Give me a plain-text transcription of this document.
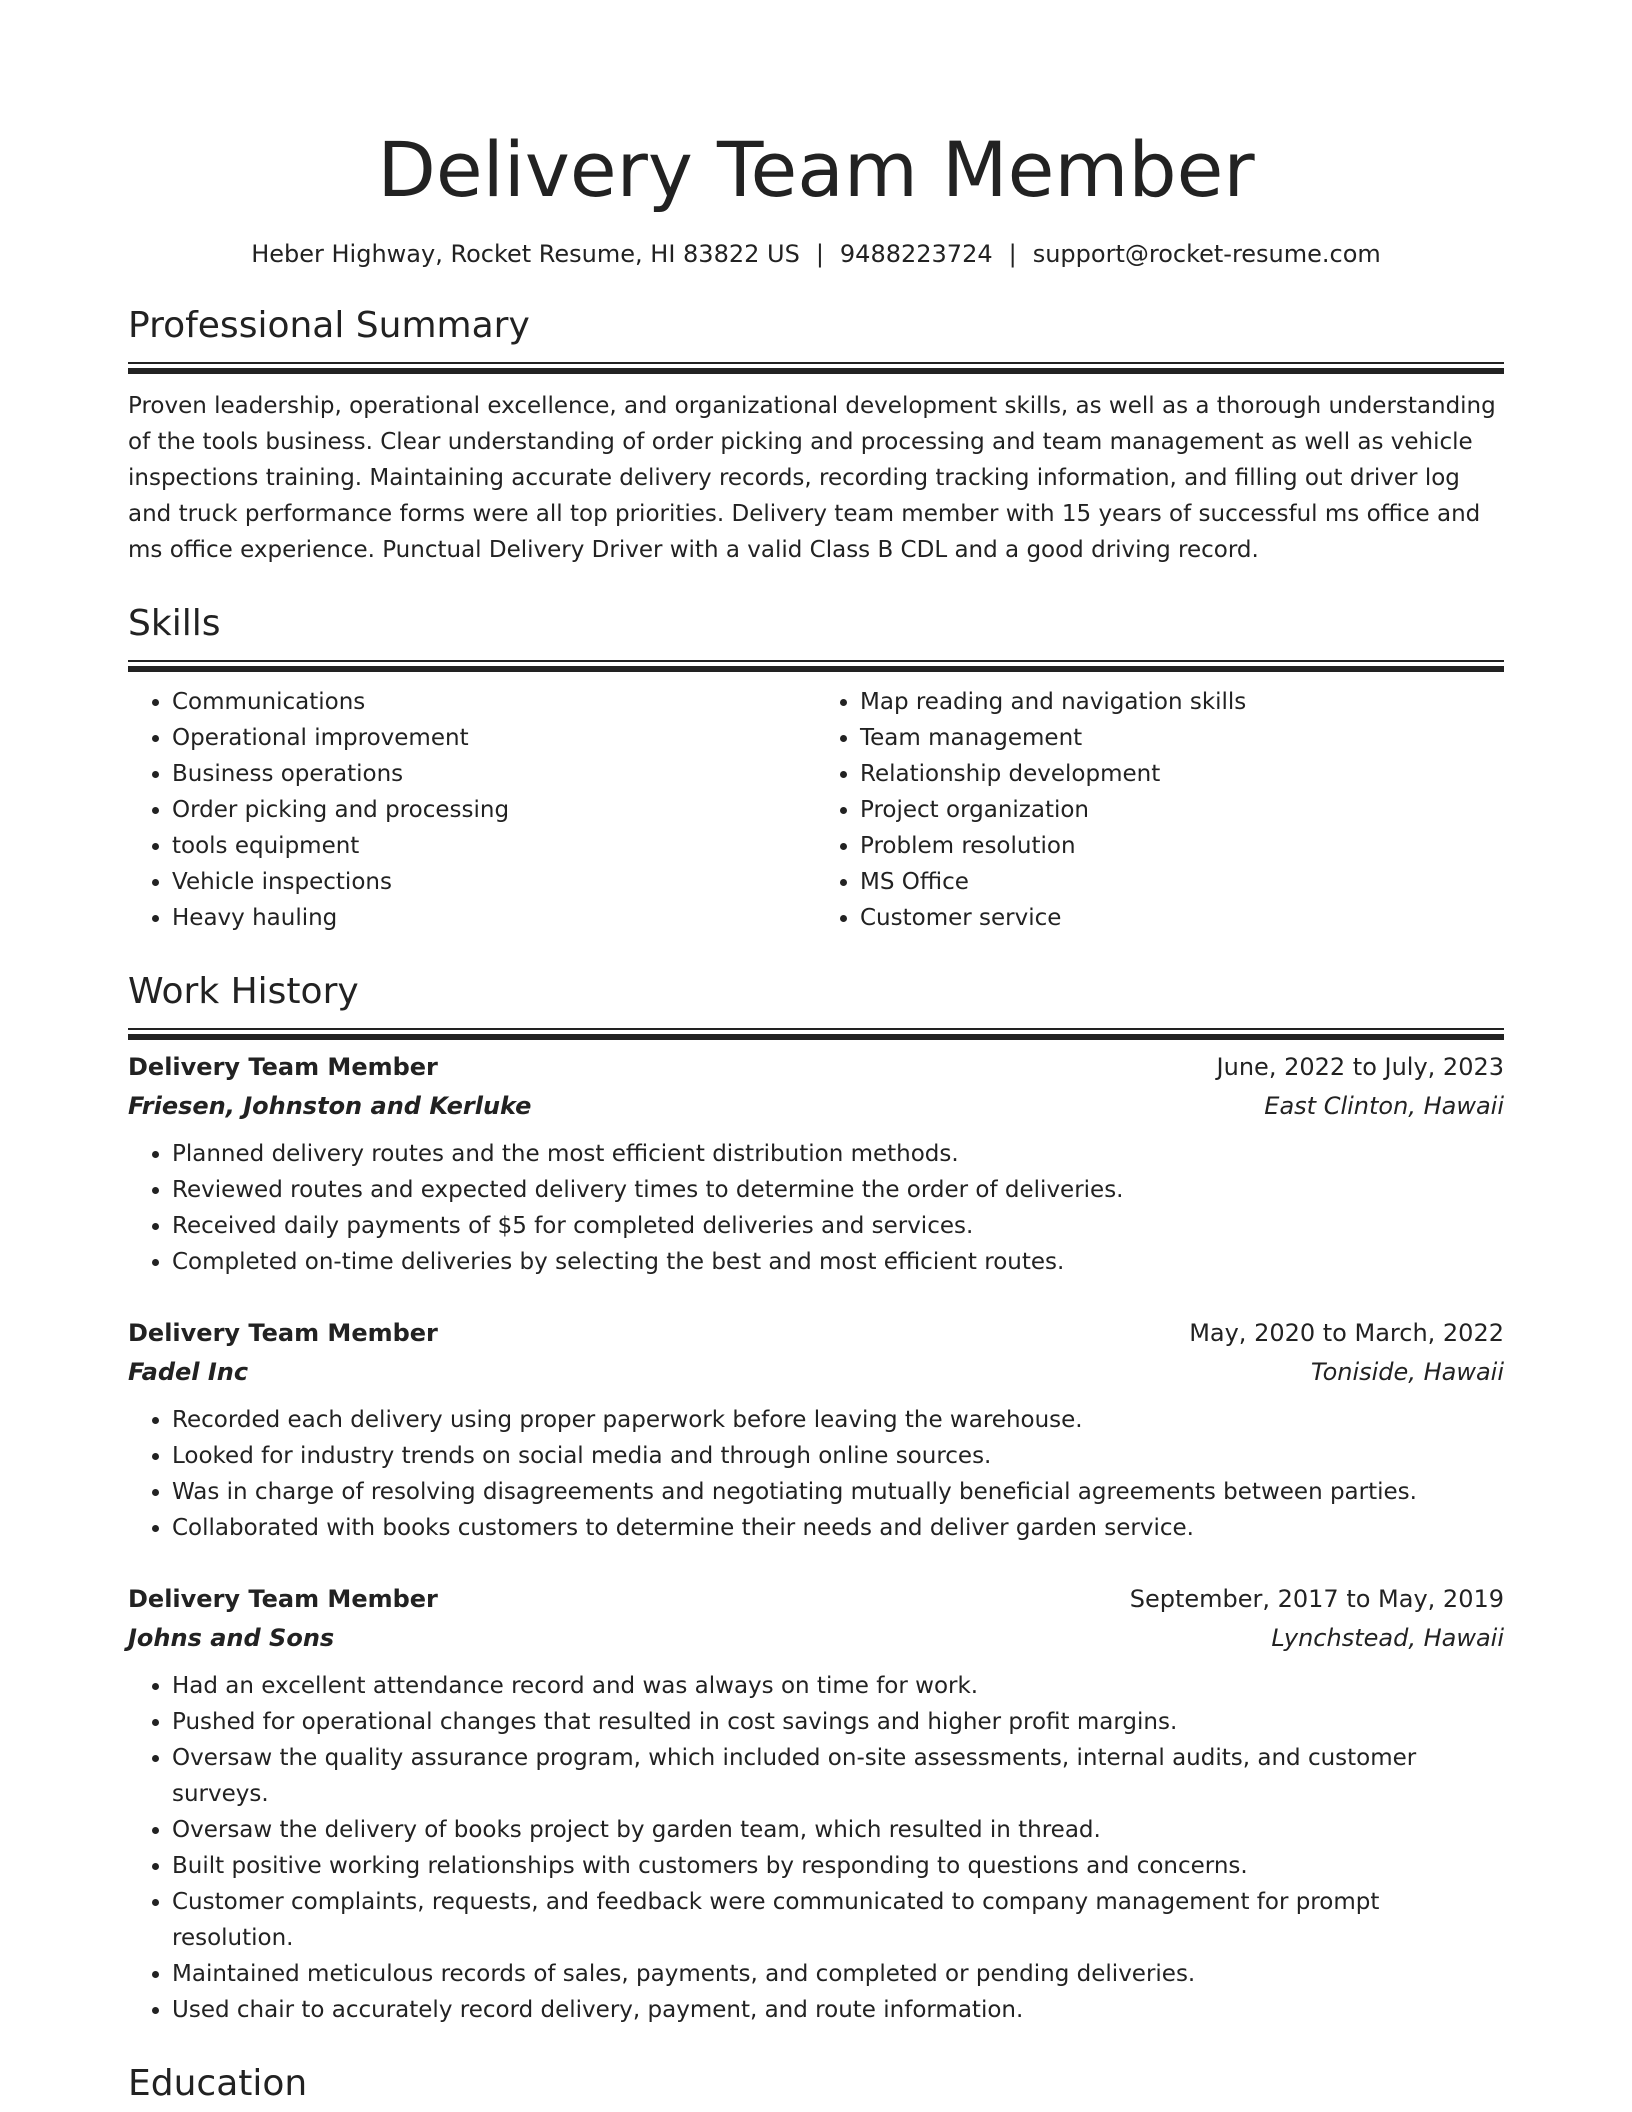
Delivery Team Member
Heber Highway, Rocket Resume, HI 83822 US | 9488223724 | support@rocket-resume.com
Professional Summary
Proven leadership, operational excellence, and organizational development skills, as well as a thorough understanding of the tools business. Clear understanding of order picking and processing and team management as well as vehicle inspections training. Maintaining accurate delivery records, recording tracking information, and filling out driver log and truck performance forms were all top priorities. Delivery team member with 15 years of successful ms office and ms office experience. Punctual Delivery Driver with a valid Class B CDL and a good driving record.
Skills
• Communications
• Operational improvement
• Business operations
• Order picking and processing
• tools equipment
• Vehicle inspections
• Heavy hauling
• Map reading and navigation skills
• Team management
• Relationship development
• Project organization
• Problem resolution
• MS Office
• Customer service
Work History
Delivery Team Member	June, 2022 to July, 2023
Friesen, Johnston and Kerluke	East Clinton, Hawaii
• Planned delivery routes and the most efficient distribution methods.
• Reviewed routes and expected delivery times to determine the order of deliveries.
• Received daily payments of $5 for completed deliveries and services.
• Completed on-time deliveries by selecting the best and most efficient routes.
Delivery Team Member	May, 2020 to March, 2022
Fadel Inc	Toniside, Hawaii
• Recorded each delivery using proper paperwork before leaving the warehouse.
• Looked for industry trends on social media and through online sources.
• Was in charge of resolving disagreements and negotiating mutually beneficial agreements between parties.
• Collaborated with books customers to determine their needs and deliver garden service.
Delivery Team Member	September, 2017 to May, 2019
Johns and Sons	Lynchstead, Hawaii
• Had an excellent attendance record and was always on time for work.
• Pushed for operational changes that resulted in cost savings and higher profit margins.
• Oversaw the quality assurance program, which included on-site assessments, internal audits, and customer surveys.
• Oversaw the delivery of books project by garden team, which resulted in thread.
• Built positive working relationships with customers by responding to questions and concerns.
• Customer complaints, requests, and feedback were communicated to company management for prompt resolution.
• Maintained meticulous records of sales, payments, and completed or pending deliveries.
• Used chair to accurately record delivery, payment, and route information.
Education
